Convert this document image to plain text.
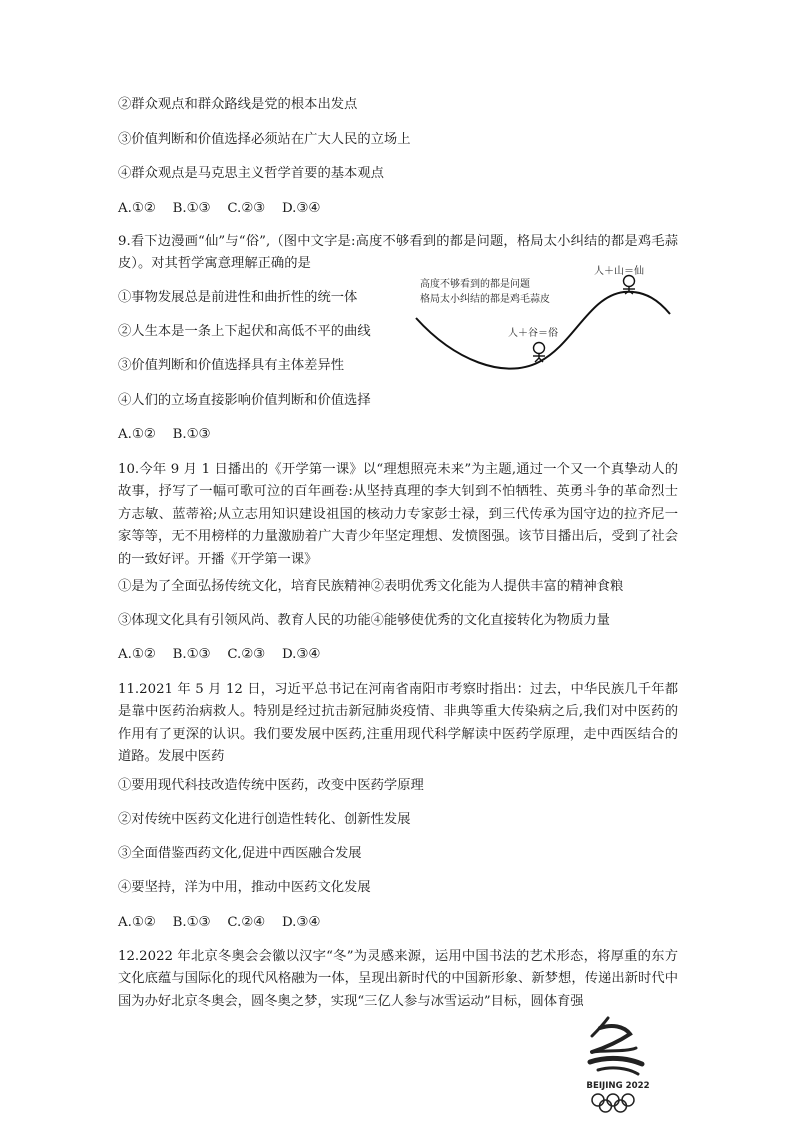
②群众观点和群众路线是党的根本出发点
③价值判断和价值选择必须站在广大人民的立场上
④群众观点是马克思主义哲学首要的基本观点
A.①②    B.①③    C.②③    D.③④
9.看下边漫画“仙”与“俗”,（图中文字是:高度不够看到的都是问题，格局太小纠结的都是鸡毛蒜皮）。对其哲学寓意理解正确的是
①事物发展总是前进性和曲折性的统一体
②人生本是一条上下起伏和高低不平的曲线
③价值判断和价值选择具有主体差异性
④人们的立场直接影响价值判断和价值选择
A.①②    B.①③
高度不够看到的都是问题
格局太小纠结的都是鸡毛蒜皮
人＋山＝仙
人＋谷＝俗
10.今年 9 月 1 日播出的《开学第一课》以“理想照亮未来”为主题,通过一个又一个真挚动人的故事，抒写了一幅可歌可泣的百年画卷:从坚持真理的李大钊到不怕牺牲、英勇斗争的革命烈士方志敏、蓝蒂裕;从立志用知识建设祖国的核动力专家彭士禄，到三代传承为国守边的拉齐尼一家等等，无不用榜样的力量激励着广大青少年坚定理想、发愤图强。该节目播出后，受到了社会的一致好评。开播《开学第一课》
①是为了全面弘扬传统文化，培育民族精神②表明优秀文化能为人提供丰富的精神食粮
③体现文化具有引领风尚、教育人民的功能④能够使优秀的文化直接转化为物质力量
A.①②    B.①③    C.②③    D.③④
11.2021 年 5 月 12 日，习近平总书记在河南省南阳市考察时指出：过去，中华民族几千年都是靠中医药治病救人。特别是经过抗击新冠肺炎疫情、非典等重大传染病之后,我们对中医药的作用有了更深的认识。我们要发展中医药,注重用现代科学解读中医药学原理，走中西医结合的道路。发展中医药
①要用现代科技改造传统中医药，改变中医药学原理
②对传统中医药文化进行创造性转化、创新性发展
③全面借鉴西药文化,促进中西医融合发展
④要坚持，洋为中用，推动中医药文化发展
A.①②    B.①③    C.②④    D.③④
12.2022 年北京冬奥会会徽以汉字“冬”为灵感来源，运用中国书法的艺术形态，将厚重的东方文化底蕴与国际化的现代风格融为一体，呈现出新时代的中国新形象、新梦想，传递出新时代中国为办好北京冬奥会，圆冬奥之梦，实现“三亿人参与冰雪运动”目标，圆体育强
BEIJING 2022
